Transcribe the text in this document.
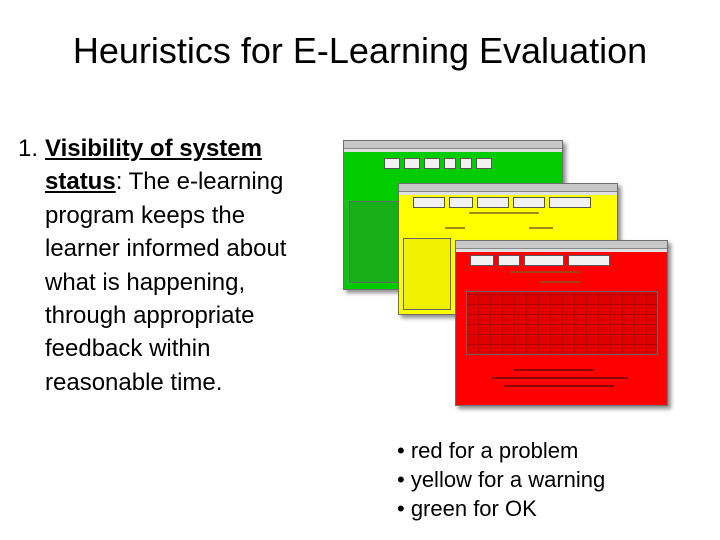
Heuristics for E-Learning Evaluation
1. Visibility of system status: The e-learning program keeps the learner informed about what is happening, through appropriate feedback within reasonable time.
• red for a problem
• yellow for a warning
• green for OK
